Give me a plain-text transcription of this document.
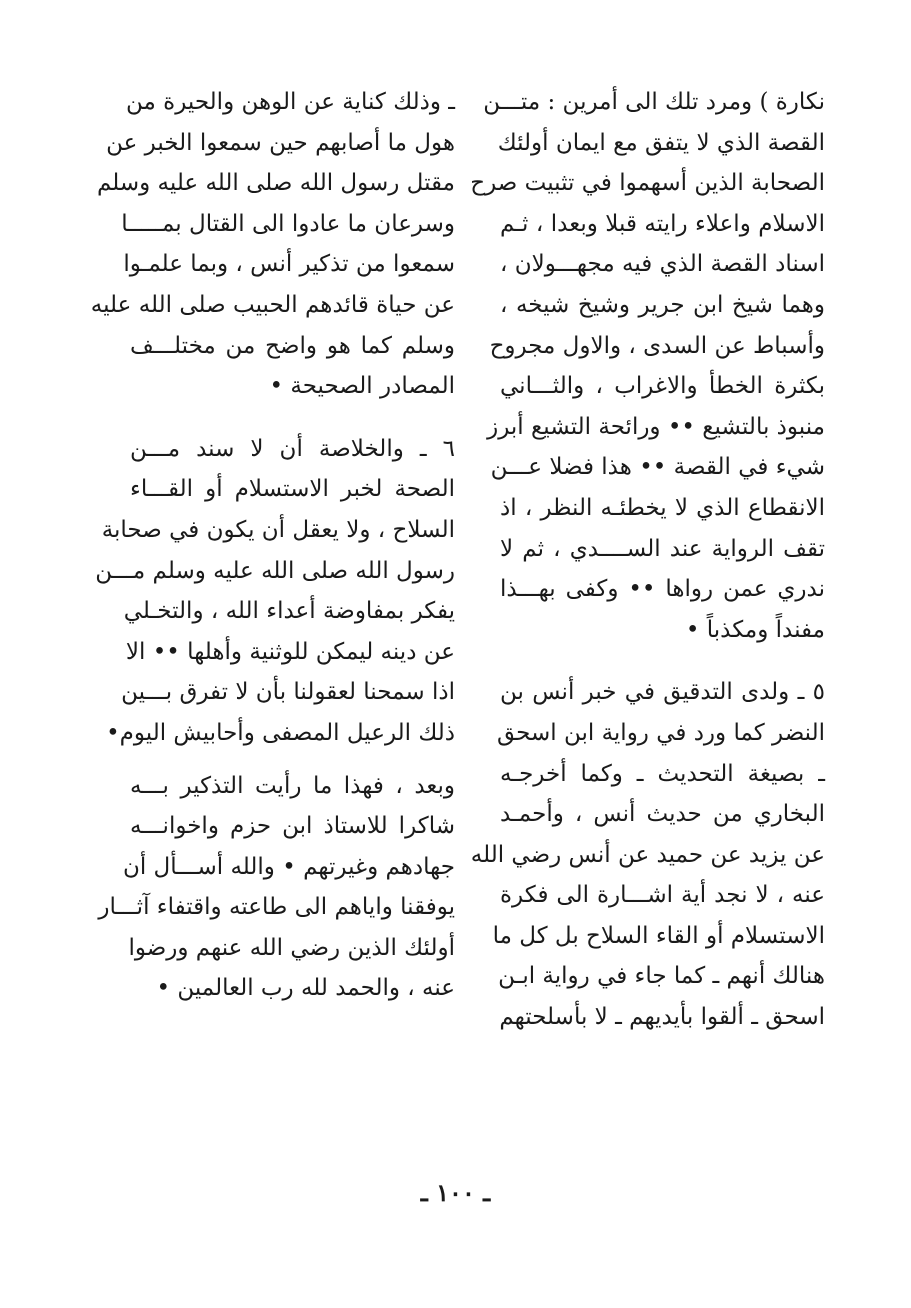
نكارة ) ومرد تلك الى أمرين : متـــن
القصة الذي لا يتفق مع ايمان أولئك
الصحابة الذين أسهموا في تثبيت صرح
الاسلام واعلاء رايته قبلا وبعدا ، ثـم
اسناد القصة الذي فيه مجهـــولان ،
وهما شيخ ابن جرير وشيخ شيخه ،
وأسباط عن السدى ، والاول مجروح
بكثرة الخطأ والاغراب ، والثـــاني
منبوذ بالتشيع •• ورائحة التشيع أبرز
شيء في القصة •• هذا فضلا عـــن
الانقطاع الذي لا يخطئـه النظر ، اذ
تقف الرواية عند الســــدي ، ثم لا
ندري عمن رواها •• وكفى بهـــذا
مفنداً ومكذباً •
٥ ـ ولدى التدقيق في خبر أنس بن
النضر كما ورد في رواية ابن اسحق
ـ بصيغة التحديث ـ وكما أخرجـه
البخاري من حديث أنس ، وأحمـد
عن يزيد عن حميد عن أنس رضي الله
عنه ، لا نجد أية اشـــارة الى فكرة
الاستسلام أو القاء السلاح بل كل ما
هنالك أنهم ـ كما جاء في رواية ابـن
اسحق ـ ألقوا بأيديهم ـ لا بأسلحتهم
ـ وذلك كناية عن الوهن والحيرة من
هول ما أصابهم حين سمعوا الخبر عن
مقتل رسول الله صلى الله عليه وسلم
وسرعان ما عادوا الى القتال بمـــــا
سمعوا من تذكير أنس ، وبما علمـوا
عن حياة قائدهم الحبيب صلى الله عليه
وسلم كما هو واضح من مختلـــف
المصادر الصحيحة •
٦ ـ والخلاصة أن لا سند مـــن
الصحة لخبر الاستسلام أو القـــاء
السلاح ، ولا يعقل أن يكون في صحابة
رسول الله صلى الله عليه وسلم مـــن
يفكر بمفاوضة أعداء الله ، والتخـلي
عن دينه ليمكن للوثنية وأهلها •• الا
اذا سمحنا لعقولنا بأن لا تفرق بـــين
ذلك الرعيل المصفى وأحابيش اليوم•
وبعد ، فهذا ما رأيت التذكير بـــه
شاكرا للاستاذ ابن حزم واخوانـــه
جهادهم وغيرتهم • والله أســـأل أن
يوفقنا واياهم الى طاعته واقتفاء آثـــار
أولئك الذين رضي الله عنهم ورضوا
عنه ، والحمد لله رب العالمين •
ـ ١٠٠ ـ
